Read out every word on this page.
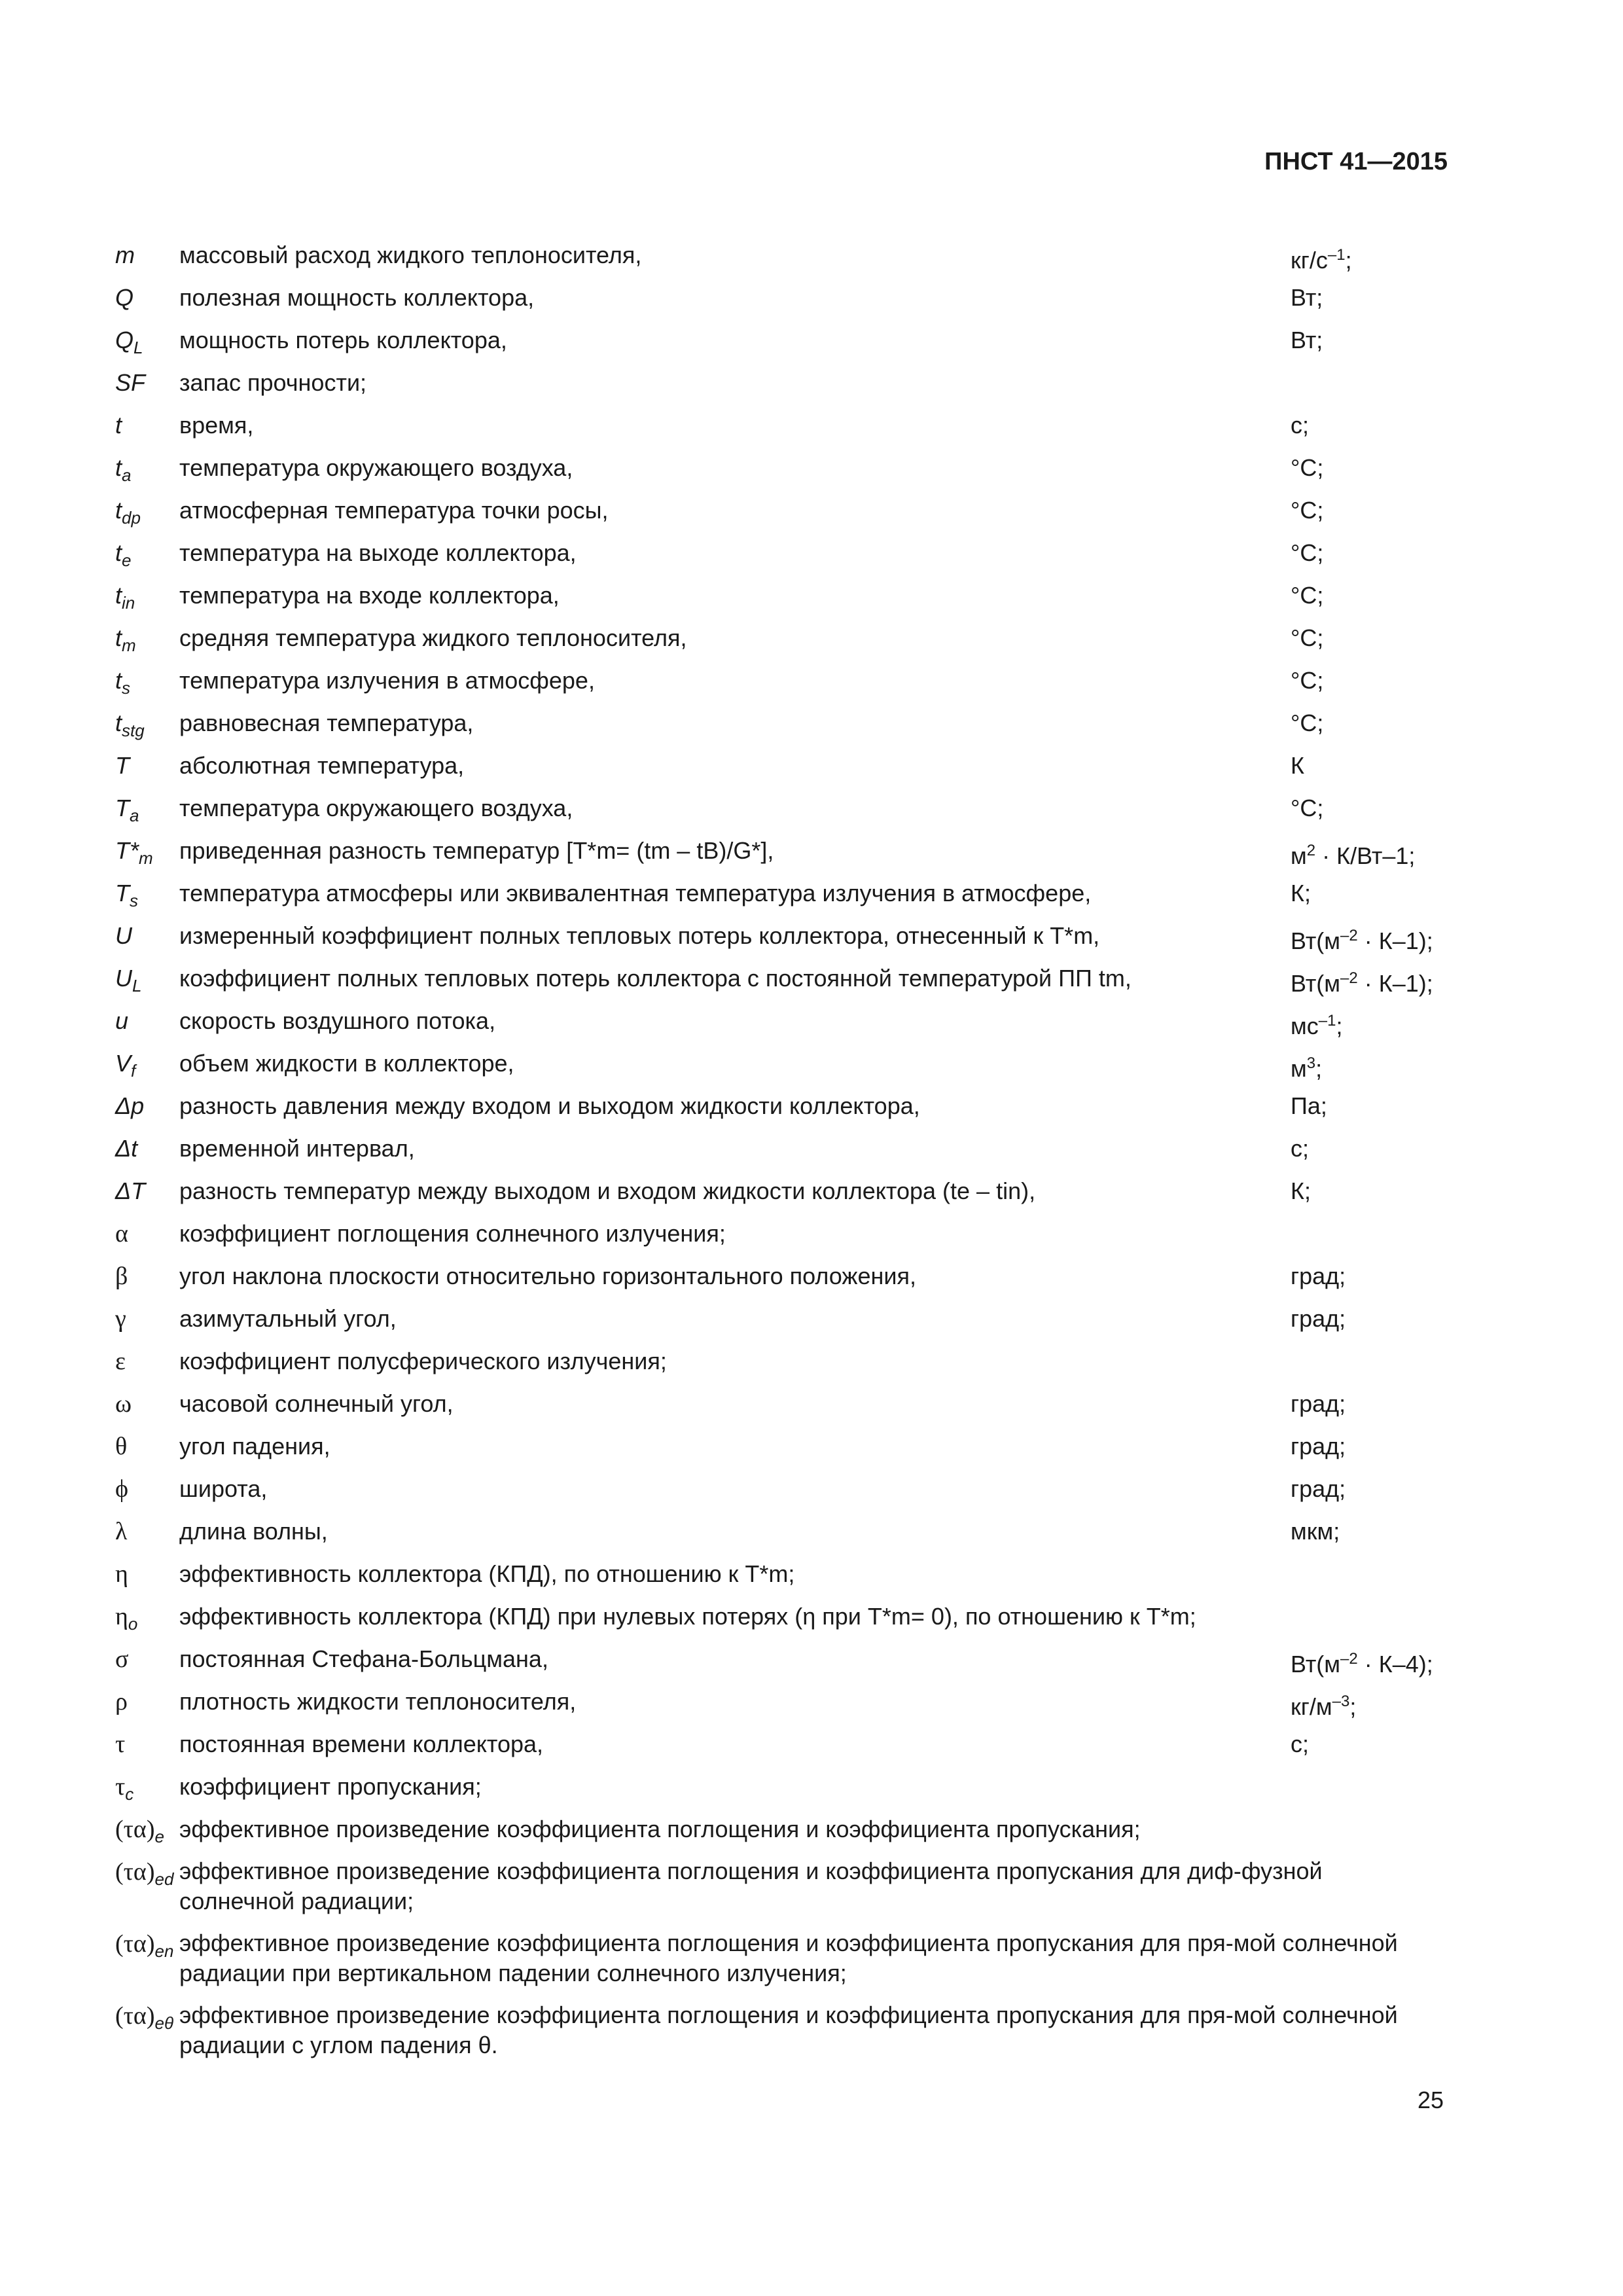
ПНСТ 41—2015
m	массовый расход жидкого теплоносителя,	$кг/с^{-1}$;
Q	полезная мощность коллектора,	Вт;
$Q_L$	мощность потерь коллектора,	Вт;
SF	запас прочности;
t	время,	с;
$t_a$	температура окружающего воздуха,	°С;
$t_{dp}$	атмосферная температура точки росы,	°С;
$t_e$	температура на выходе коллектора,	°С;
$t_{in}$	температура на входе коллектора,	°С;
$t_m$	средняя температура жидкого теплоносителя,	°С;
$t_s$	температура излучения в атмосфере,	°С;
$t_{stg}$	равновесная температура,	°С;
T	абсолютная температура,	К
$T_a$	температура окружающего воздуха,	°С;
$T*_m$	приведенная разность температур [T*m= (tm – tB)/G*],	$м^2 \cdot К/Вт-1$;
$T_s$	температура атмосферы или эквивалентная температура излучения в атмосфере,	К;
U	измеренный коэффициент полных тепловых потерь коллектора, отнесенный к T*m,	$Вт(м^{-2} \cdot К-1)$;
$U_L$	коэффициент полных тепловых потерь коллектора с постоянной температурой ПП tm,	$Вт(м^{-2} \cdot К-1)$;
u	скорость воздушного потока,	$мс^{-1}$;
$V_f$	объем жидкости в коллекторе,	$м^3$;
Δp	разность давления между входом и выходом жидкости коллектора,	Па;
Δt	временной интервал,	с;
ΔT	разность температур между выходом и входом жидкости коллектора (te – tin),	К;
α	коэффициент поглощения солнечного излучения;
β	угол наклона плоскости относительно горизонтального положения,	град;
γ	азимутальный угол,	град;
ε	коэффициент полусферического излучения;
ω	часовой солнечный угол,	град;
θ	угол падения,	град;
ϕ	широта,	град;
λ	длина волны,	мкм;
η	эффективность коллектора (КПД), по отношению к T*m;
$\eta_o$	эффективность коллектора (КПД) при нулевых потерях (η при T*m= 0), по отношению к T*m;
σ	постоянная Стефана-Больцмана,	$Вт(м^{-2} \cdot К-4)$;
ρ	плотность жидкости теплоносителя,	$кг/м^{-3}$;
τ	постоянная времени коллектора,	с;
$\tau_c$	коэффициент пропускания;
$(\tau\alpha)_e$ эффективное произведение коэффициента поглощения и коэффициента пропускания;
$(\tau\alpha)_{ed}$ эффективное произведение коэффициента поглощения и коэффициента пропускания для диф-фузной солнечной радиации;
$(\tau\alpha)_{en}$ эффективное произведение коэффициента поглощения и коэффициента пропускания для пря-мой солнечной радиации при вертикальном падении солнечного излучения;
$(\tau\alpha)_{e\theta}$ эффективное произведение коэффициента поглощения и коэффициента пропускания для пря-мой солнечной радиации с углом падения θ.
25
